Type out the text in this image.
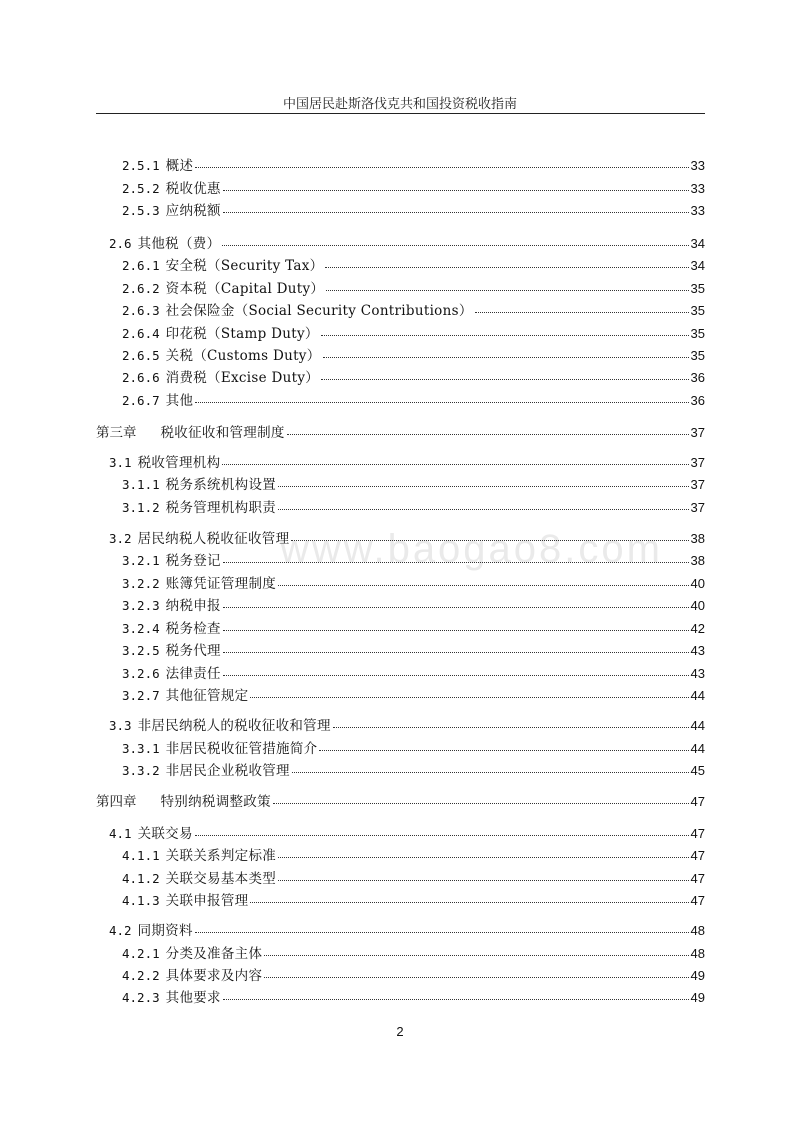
中国居民赴斯洛伐克共和国投资税收指南
www.baogao8.com
2.5.1 概述	33
2.5.2 税收优惠	33
2.5.3 应纳税额	33
2.6 其他税（费）	34
2.6.1 安全税（Security Tax）	34
2.6.2 资本税（Capital Duty）	35
2.6.3 社会保险金（Social Security Contributions）	35
2.6.4 印花税（Stamp Duty）	35
2.6.5 关税（Customs Duty）	35
2.6.6 消费税（Excise Duty）	36
2.6.7 其他	36
第三章 税收征收和管理制度	37
3.1 税收管理机构	37
3.1.1 税务系统机构设置	37
3.1.2 税务管理机构职责	37
3.2 居民纳税人税收征收管理	38
3.2.1 税务登记	38
3.2.2 账簿凭证管理制度	40
3.2.3 纳税申报	40
3.2.4 税务检查	42
3.2.5 税务代理	43
3.2.6 法律责任	43
3.2.7 其他征管规定	44
3.3 非居民纳税人的税收征收和管理	44
3.3.1 非居民税收征管措施简介	44
3.3.2 非居民企业税收管理	45
第四章 特别纳税调整政策	47
4.1 关联交易	47
4.1.1 关联关系判定标准	47
4.1.2 关联交易基本类型	47
4.1.3 关联申报管理	47
4.2 同期资料	48
4.2.1 分类及准备主体	48
4.2.2 具体要求及内容	49
4.2.3 其他要求	49
2
